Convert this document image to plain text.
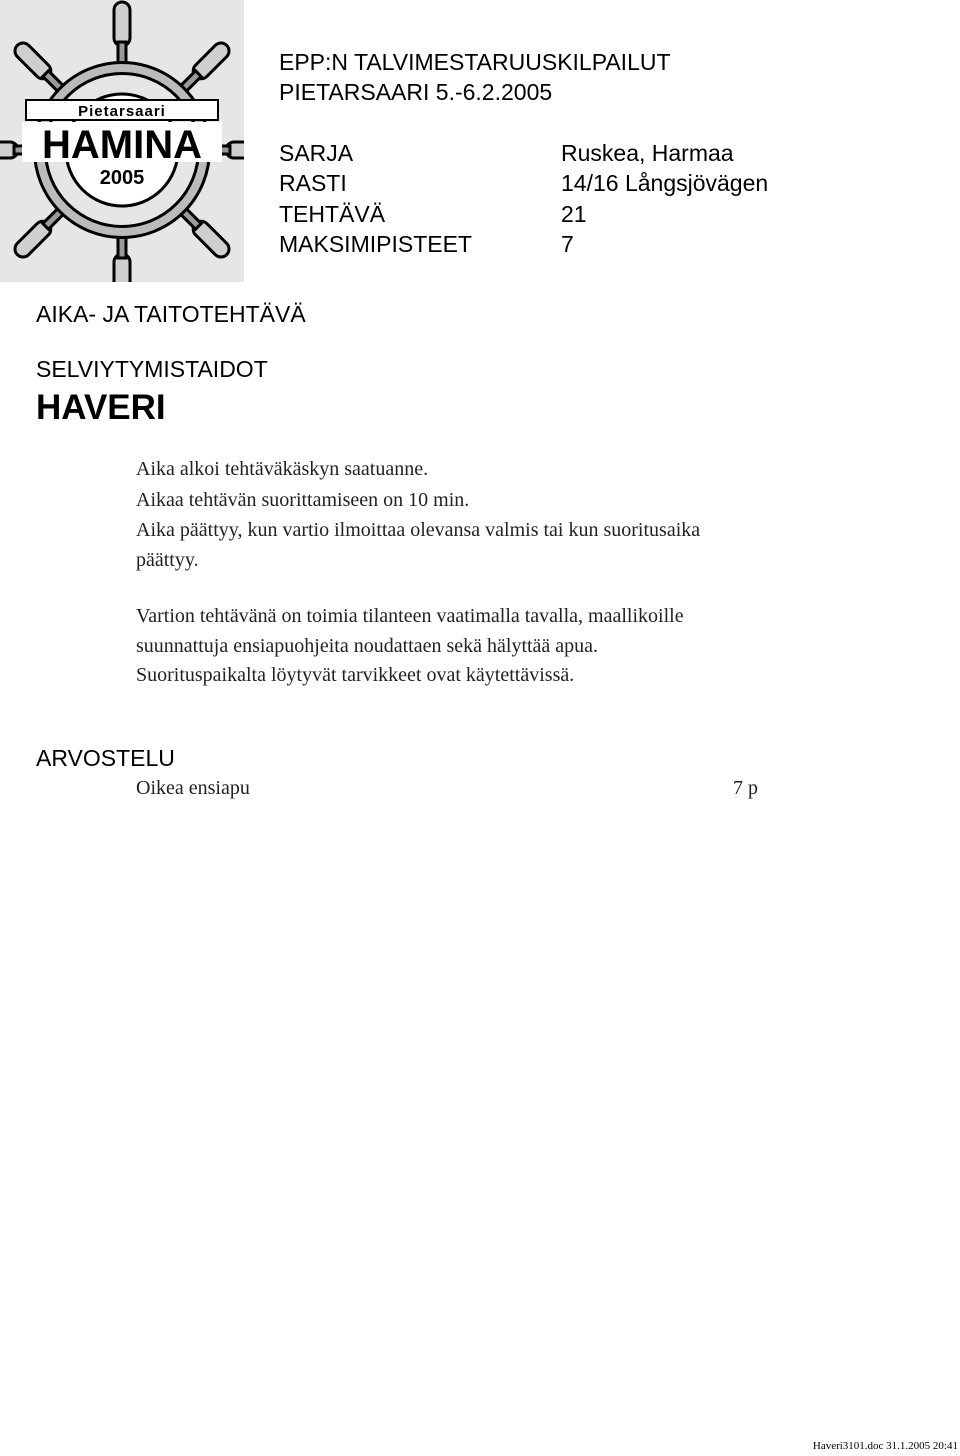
Pietarsaari
HAMINA
2005
EPP:N TALVIMESTARUUSKILPAILUT
PIETARSAARI 5.-6.2.2005
SARJA	Ruskea, Harmaa
RASTI	14/16 Långsjövägen
TEHTÄVÄ	21
MAKSIMIPISTEET	7
AIKA- JA TAITOTEHTÄVÄ
SELVIYTYMISTAIDOT
HAVERI
Aika alkoi tehtäväkäskyn saatuanne.
Aikaa tehtävän suorittamiseen on 10 min.
Aika päättyy, kun vartio ilmoittaa olevansa valmis tai kun suoritusaika
päättyy.
Vartion tehtävänä on toimia tilanteen vaatimalla tavalla, maallikoille
suunnattuja ensiapuohjeita noudattaen sekä hälyttää apua.
Suorituspaikalta löytyvät tarvikkeet ovat käytettävissä.
ARVOSTELU
Oikea ensiapu	7 p
Haveri3101.doc 31.1.2005 20:41
